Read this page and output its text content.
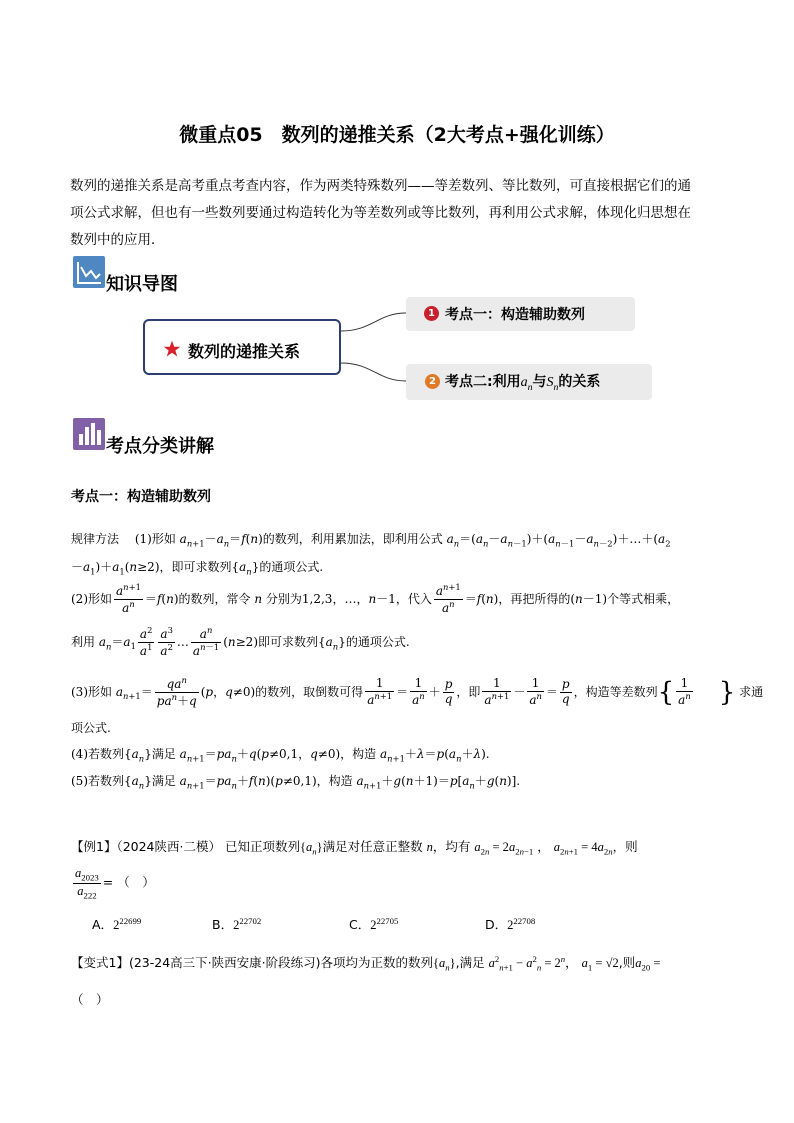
微重点05　数列的递推关系（2大考点+强化训练）
数列的递推关系是高考重点考查内容，作为两类特殊数列——等差数列、等比数列，可直接根据它们的通
项公式求解，但也有一些数列要通过构造转化为等差数列或等比数列，再利用公式求解，体现化归思想在
数列中的应用．
知识导图
数列的递推关系
1 考点一：构造辅助数列
2 考点二:利用$a_n$与$S_n$的关系
考点分类讲解
考点一：构造辅助数列
规律方法　 (1)形如 $a_{n+1}-a_n=f(n)$的数列，利用累加法，即利用公式 $a_n=(a_n-a_{n-1})+(a_{n-1}-a_{n-2})+\dots+(a_2$
$-a_1)+a_1(n\ge 2)$，即可求数列$\{a_n\}$的通项公式.
(2)形如 $\frac{a^{n+1}}{a^n} =f(n)$的数列，常令 n 分别为1,2,3，…，n－1，代入 $\frac{a^{n+1}}{a^n} =f(n)$，再把所得的(n－1)个等式相乘，
利用 $a_n=a_1 \frac{a^2}{a^1} \frac{a^3}{a^2}$ … $\frac{a^n}{a^{n-1}} (n\ge 2)$即可求数列$\{a_n\}$的通项公式.
(3)形如 $a_{n+1}= \frac{qa^n}{pa^n+q} (p$，q≠0)的数列，取倒数可得 $\frac{1}{a^{n+1}} = \frac{1}{a^n} + \frac{p}{q}$ ，即 $\frac{1}{a^{n+1}} - \frac{1}{a^n} = \frac{p}{q}$ ，构造等差数列{ $\frac{1}{a^n}$
　　 } 求通
项公式.
(4)若数列$\{a_n\}$满足 $a_{n+1}=pa_n+q(p\ne 0,1$，q≠0)，构造 $a_{n+1}+\lambda=p(a_n+\lambda)$.
(5)若数列$\{a_n\}$满足 $a_{n+1}=pa_n+f(n)(p\ne 0,1)$，构造 $a_{n+1}+g(n+1)=p[a_n+g(n)]$.
【例1】（2024陕西·二模） 已知正项数列$\{a_n\}$满足对任意正整数 n，均有 $a_{2n} = 2a_{2n-1}$ ， $a_{2n+1} = 4a_{2n}$，则
$\frac{a_{2023}}{a_{222}}$ = （　）
A．$2^{22699}$	B．$2^{22702}$	C．$2^{22705}$	D．$2^{22708}$
【变式1】(23-24高三下·陕西安康·阶段练习)各项均为正数的数列$\{a_n\}$,满足 $a^2_{n+1} - a^2_n = 2^n$， $a_1 = √2$,则$a_{20}$ =
（　）
